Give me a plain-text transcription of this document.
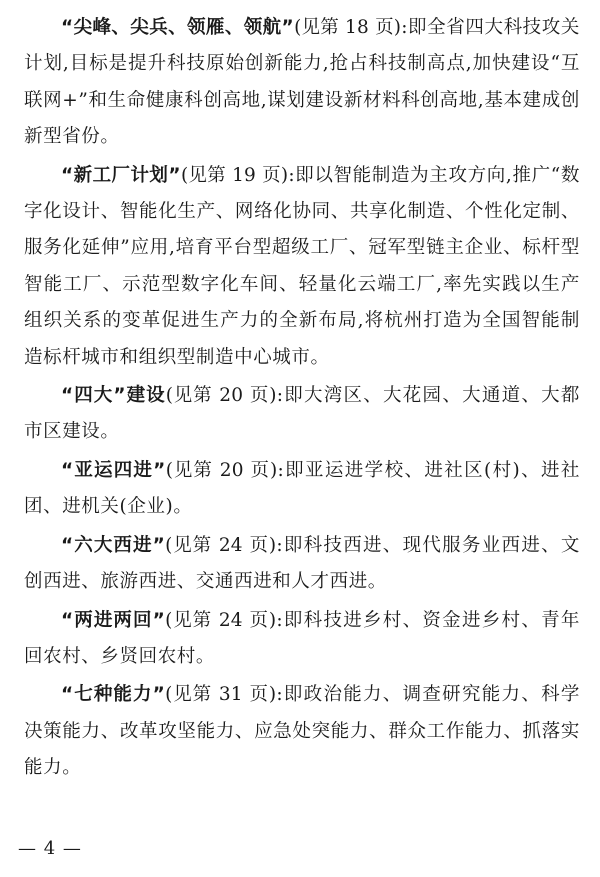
“尖峰、尖兵、领雁、领航”(见第 18 页):即全省四大科技攻关计划,目标是提升科技原始创新能力,抢占科技制高点,加快建设“互联网+”和生命健康科创高地,谋划建设新材料科创高地,基本建成创新型省份。

“新工厂计划”(见第 19 页):即以智能制造为主攻方向,推广“数字化设计、智能化生产、网络化协同、共享化制造、个性化定制、服务化延伸”应用,培育平台型超级工厂、冠军型链主企业、标杆型智能工厂、示范型数字化车间、轻量化云端工厂,率先实践以生产组织关系的变革促进生产力的全新布局,将杭州打造为全国智能制造标杆城市和组织型制造中心城市。

“四大”建设(见第 20 页):即大湾区、大花园、大通道、大都市区建设。

“亚运四进”(见第 20 页):即亚运进学校、进社区(村)、进社团、进机关(企业)。

“六大西进”(见第 24 页):即科技西进、现代服务业西进、文创西进、旅游西进、交通西进和人才西进。

“两进两回”(见第 24 页):即科技进乡村、资金进乡村、青年回农村、乡贤回农村。

“七种能力”(见第 31 页):即政治能力、调查研究能力、科学决策能力、改革攻坚能力、应急处突能力、群众工作能力、抓落实能力。

— 4 —
